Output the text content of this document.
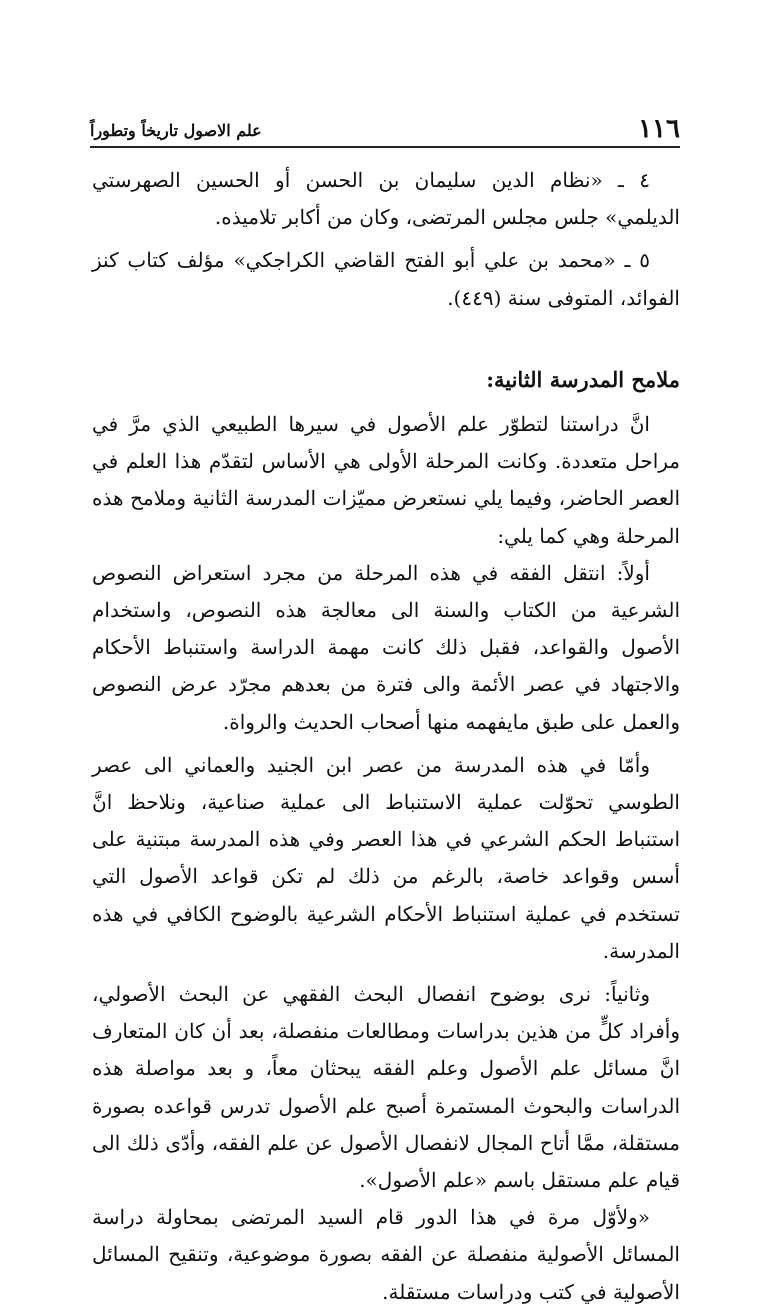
١١٦
علم الاصول تاريخاً وتطوراً

٤ ـ «نظام الدين سليمان بن الحسن أو الحسين الصهرستي الديلمي» جلس مجلس المرتضى، وكان من أكابر تلاميذه.

٥ ـ «محمد بن علي أبو الفتح القاضي الكراجكي» مؤلف كتاب كنز الفوائد، المتوفى سنة (٤٤٩).

ملامح المدرسة الثانية:

انَّ دراستنا لتطوّر علم الأصول في سيرها الطبيعي الذي مرَّ في مراحل متعددة. وكانت المرحلة الأولى هي الأساس لتقدّم هذا العلم في العصر الحاضر، وفيما يلي نستعرض مميّزات المدرسة الثانية وملامح هذه المرحلة وهي كما يلي:

أولاً: انتقل الفقه في هذه المرحلة من مجرد استعراض النصوص الشرعية من الكتاب والسنة الى معالجة هذه النصوص، واستخدام الأصول والقواعد، فقبل ذلك كانت مهمة الدراسة واستنباط الأحكام والاجتهاد في عصر الأئمة والى فترة من بعدهم مجرّد عرض النصوص والعمل على طبق مايفهمه منها أصحاب الحديث والرواة.

وأمّا في هذه المدرسة من عصر ابن الجنيد والعماني الى عصر الطوسي تحوّلت عملية الاستنباط الى عملية صناعية، ونلاحظ انَّ استنباط الحكم الشرعي في هذا العصر وفي هذه المدرسة مبتنية على أسس وقواعد خاصة، بالرغم من ذلك لم تكن قواعد الأصول التي تستخدم في عملية استنباط الأحكام الشرعية بالوضوح الكافي في هذه المدرسة.

وثانياً: نرى بوضوح انفصال البحث الفقهي عن البحث الأصولي، وأفراد كلٍّ من هذين بدراسات ومطالعات منفصلة، بعد أن كان المتعارف انَّ مسائل علم الأصول وعلم الفقه يبحثان معاً، و بعد مواصلة هذه الدراسات والبحوث المستمرة أصبح علم الأصول تدرس قواعده بصورة مستقلة، ممَّا أتاح المجال لانفصال الأصول عن علم الفقه، وأدّى ذلك الى قيام علم مستقل باسم «علم الأصول».

«ولأوّل مرة في هذا الدور قام السيد المرتضى بمحاولة دراسة المسائل الأصولية منفصلة عن الفقه بصورة موضوعية، وتنقيح المسائل الأصولية في كتب ودراسات مستقلة.
